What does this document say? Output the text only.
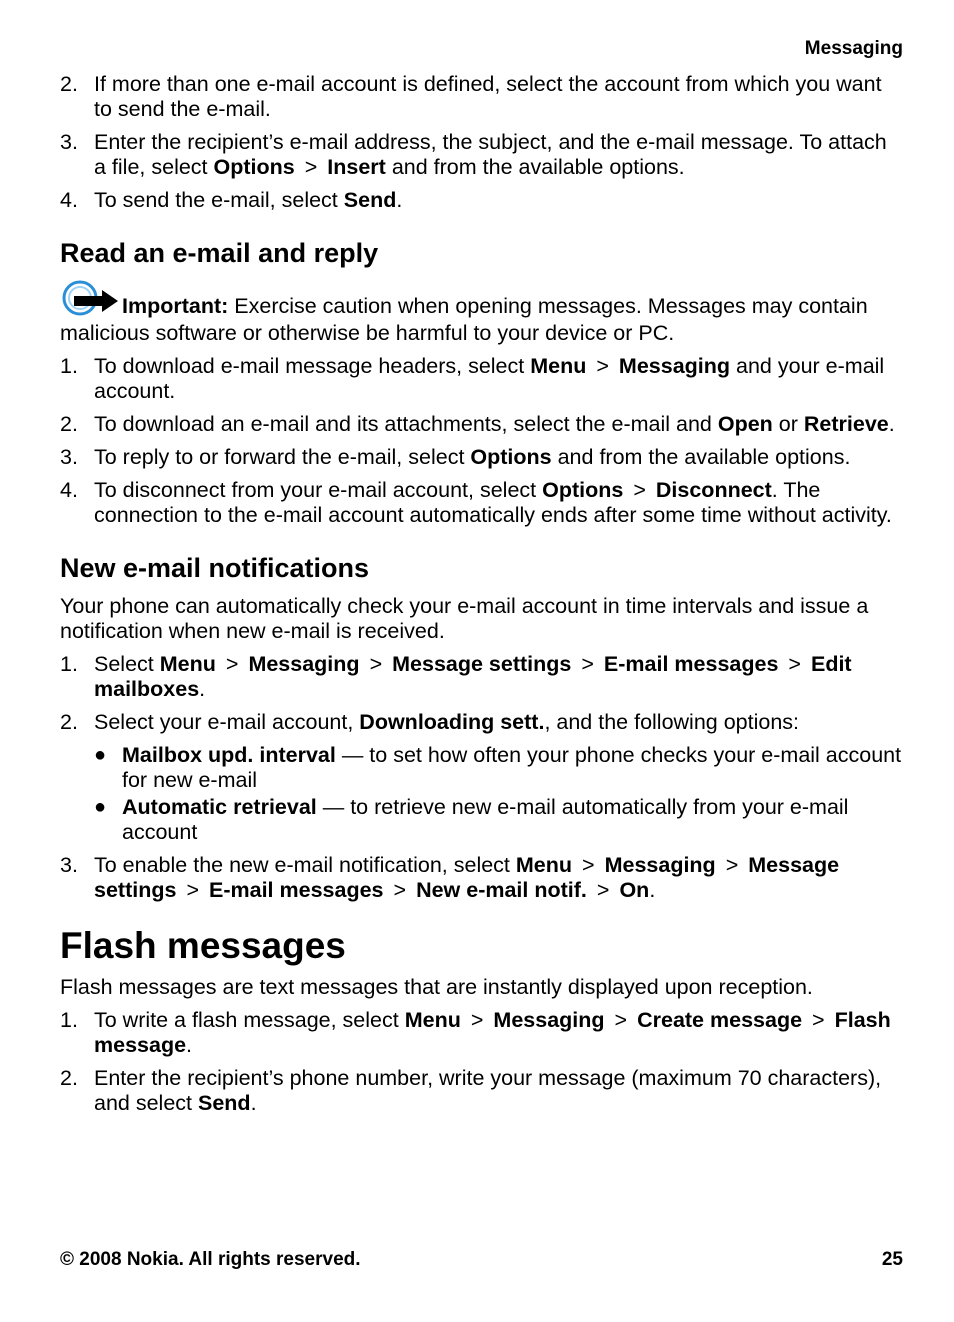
Messaging
2. If more than one e-mail account is defined, select the account from which you want to send the e-mail.
3. Enter the recipient’s e-mail address, the subject, and the e-mail message. To attach a file, select Options > Insert and from the available options.
4. To send the e-mail, select Send.
Read an e-mail and reply
Important: Exercise caution when opening messages. Messages may contain malicious software or otherwise be harmful to your device or PC.
1. To download e-mail message headers, select Menu > Messaging and your e-mail account.
2. To download an e-mail and its attachments, select the e-mail and Open or Retrieve.
3. To reply to or forward the e-mail, select Options and from the available options.
4. To disconnect from your e-mail account, select Options > Disconnect. The connection to the e-mail account automatically ends after some time without activity.
New e-mail notifications
Your phone can automatically check your e-mail account in time intervals and issue a notification when new e-mail is received.
1. Select Menu > Messaging > Message settings > E-mail messages > Edit mailboxes.
2. Select your e-mail account, Downloading sett., and the following options:
● Mailbox upd. interval — to set how often your phone checks your e-mail account for new e-mail
● Automatic retrieval — to retrieve new e-mail automatically from your e-mail account
3. To enable the new e-mail notification, select Menu > Messaging > Message settings > E-mail messages > New e-mail notif. > On.
Flash messages
Flash messages are text messages that are instantly displayed upon reception.
1. To write a flash message, select Menu > Messaging > Create message > Flash message.
2. Enter the recipient’s phone number, write your message (maximum 70 characters), and select Send.
© 2008 Nokia. All rights reserved.	25
